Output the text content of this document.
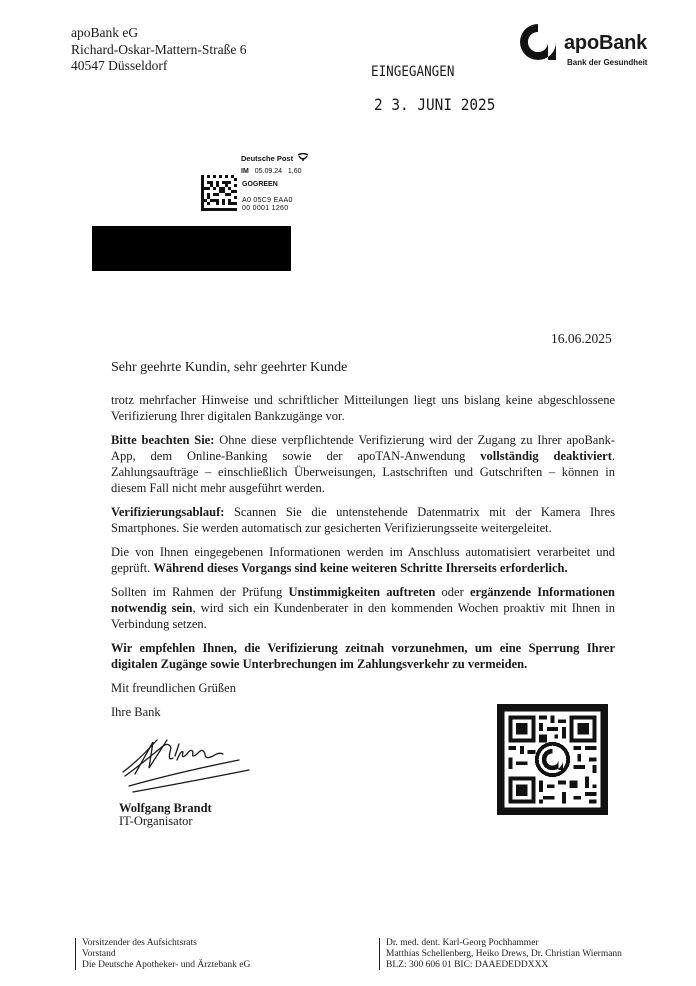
apoBank eG
Richard-Oskar-Mattern-Straße 6
40547 Düsseldorf
apoBank
Bank der Gesundheit
EINGEGANGEN
2 3. JUNI 2025
Deutsche Post
IM 05.09.24 1,60
GOGREEN
A0 05C9 EAA0
00 0001 1260
16.06.2025

Sehr geehrte Kundin, sehr geehrter Kunde

trotz mehrfacher Hinweise und schriftlicher Mitteilungen liegt uns bislang keine abgeschlossene Verifizierung Ihrer digitalen Bankzugänge vor.

Bitte beachten Sie: Ohne diese verpflichtende Verifizierung wird der Zugang zu Ihrer apoBank-App, dem Online-Banking sowie der apoTAN-Anwendung vollständig deaktiviert. Zahlungsaufträge – einschließlich Überweisungen, Lastschriften und Gutschriften – können in diesem Fall nicht mehr ausgeführt werden.

Verifizierungsablauf: Scannen Sie die untenstehende Datenmatrix mit der Kamera Ihres Smartphones. Sie werden automatisch zur gesicherten Verifizierungsseite weitergeleitet.

Die von Ihnen eingegebenen Informationen werden im Anschluss automatisiert verarbeitet und geprüft. Während dieses Vorgangs sind keine weiteren Schritte Ihrerseits erforderlich.

Sollten im Rahmen der Prüfung Unstimmigkeiten auftreten oder ergänzende Informationen notwendig sein, wird sich ein Kundenberater in den kommenden Wochen proaktiv mit Ihnen in Verbindung setzen.

Wir empfehlen Ihnen, die Verifizierung zeitnah vorzunehmen, um eine Sperrung Ihrer digitalen Zugänge sowie Unterbrechungen im Zahlungsverkehr zu vermeiden.

Mit freundlichen Grüßen

Ihre Bank

Wolfgang Brandt
IT-Organisator
Vorsitzender des Aufsichtsrats
Vorstand
Die Deutsche Apotheker- und Ärztebank eG
Dr. med. dent. Karl-Georg Pochhammer
Matthias Schellenberg, Heiko Drews, Dr. Christian Wiermann
BLZ: 300 606 01 BIC: DAAEDEDDXXX
